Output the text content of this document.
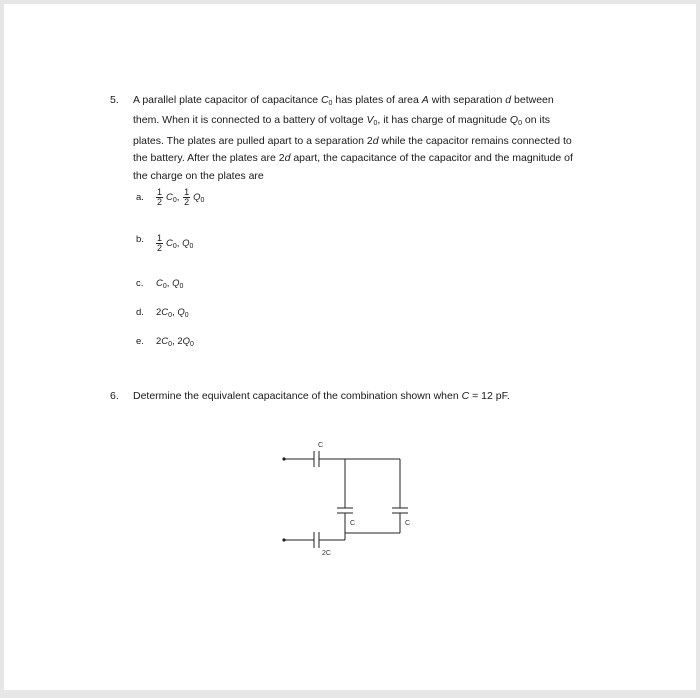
5. A parallel plate capacitor of capacitance $C_0$ has plates of area A with separation d between
them. When it is connected to a battery of voltage $V_0$, it has charge of magnitude $Q_0$ on its
plates. The plates are pulled apart to a separation 2d while the capacitor remains connected to
the battery. After the plates are 2d apart, the capacitance of the capacitor and the magnitude of
the charge on the plates are
a. $\frac{1}{2} C_0$, $\frac{1}{2} Q_0$
b. $\frac{1}{2} C_0$, $Q_0$
c. $C_0$, $Q_0$
d. $2C_0$, $Q_0$
e. $2C_0$, $2Q_0$
6. Determine the equivalent capacitance of the combination shown when C = 12 pF.
C
C	C
2C
